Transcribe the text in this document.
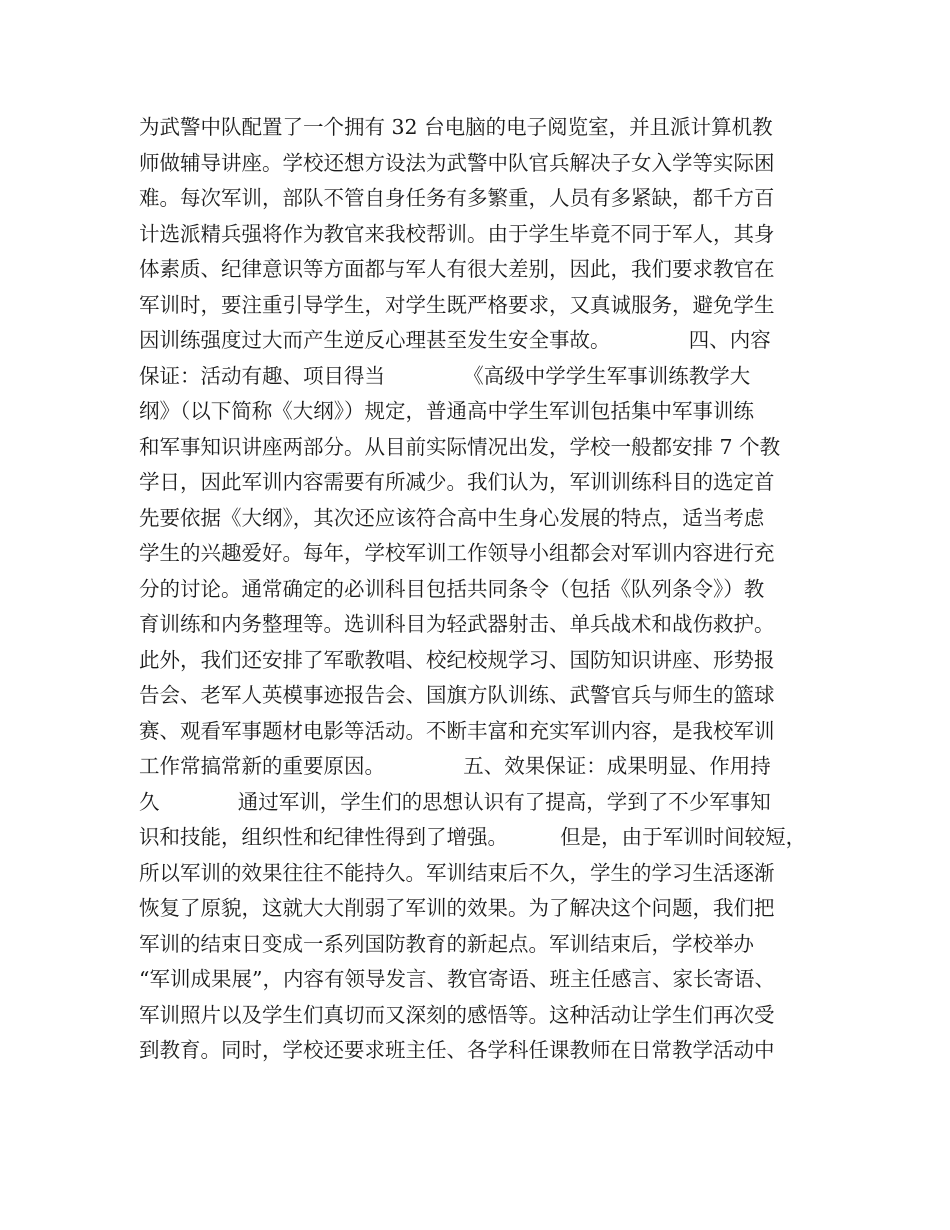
为武警中队配置了一个拥有 32 台电脑的电子阅览室，并且派计算机教
师做辅导讲座。学校还想方设法为武警中队官兵解决子女入学等实际困
难。每次军训，部队不管自身任务有多繁重，人员有多紧缺，都千方百
计选派精兵强将作为教官来我校帮训。由于学生毕竟不同于军人，其身
体素质、纪律意识等方面都与军人有很大差别，因此，我们要求教官在
军训时，要注重引导学生，对学生既严格要求，又真诚服务，避免学生
因训练强度过大而产生逆反心理甚至发生安全事故。            四、内容
保证：活动有趣、项目得当            《高级中学学生军事训练教学大
纲》（以下简称《大纲》）规定，普通高中学生军训包括集中军事训练
和军事知识讲座两部分。从目前实际情况出发，学校一般都安排 7 个教
学日，因此军训内容需要有所减少。我们认为，军训训练科目的选定首
先要依据《大纲》，其次还应该符合高中生身心发展的特点，适当考虑
学生的兴趣爱好。每年，学校军训工作领导小组都会对军训内容进行充
分的讨论。通常确定的必训科目包括共同条令（包括《队列条令》）教
育训练和内务整理等。选训科目为轻武器射击、单兵战术和战伤救护。
此外，我们还安排了军歌教唱、校纪校规学习、国防知识讲座、形势报
告会、老军人英模事迹报告会、国旗方队训练、武警官兵与师生的篮球
赛、观看军事题材电影等活动。不断丰富和充实军训内容，是我校军训
工作常搞常新的重要原因。            五、效果保证：成果明显、作用持
久            通过军训，学生们的思想认识有了提高，学到了不少军事知
识和技能，组织性和纪律性得到了增强。        但是，由于军训时间较短，
所以军训的效果往往不能持久。军训结束后不久，学生的学习生活逐渐
恢复了原貌，这就大大削弱了军训的效果。为了解决这个问题，我们把
军训的结束日变成一系列国防教育的新起点。军训结束后，学校举办
“军训成果展”，内容有领导发言、教官寄语、班主任感言、家长寄语、
军训照片以及学生们真切而又深刻的感悟等。这种活动让学生们再次受
到教育。同时，学校还要求班主任、各学科任课教师在日常教学活动中
